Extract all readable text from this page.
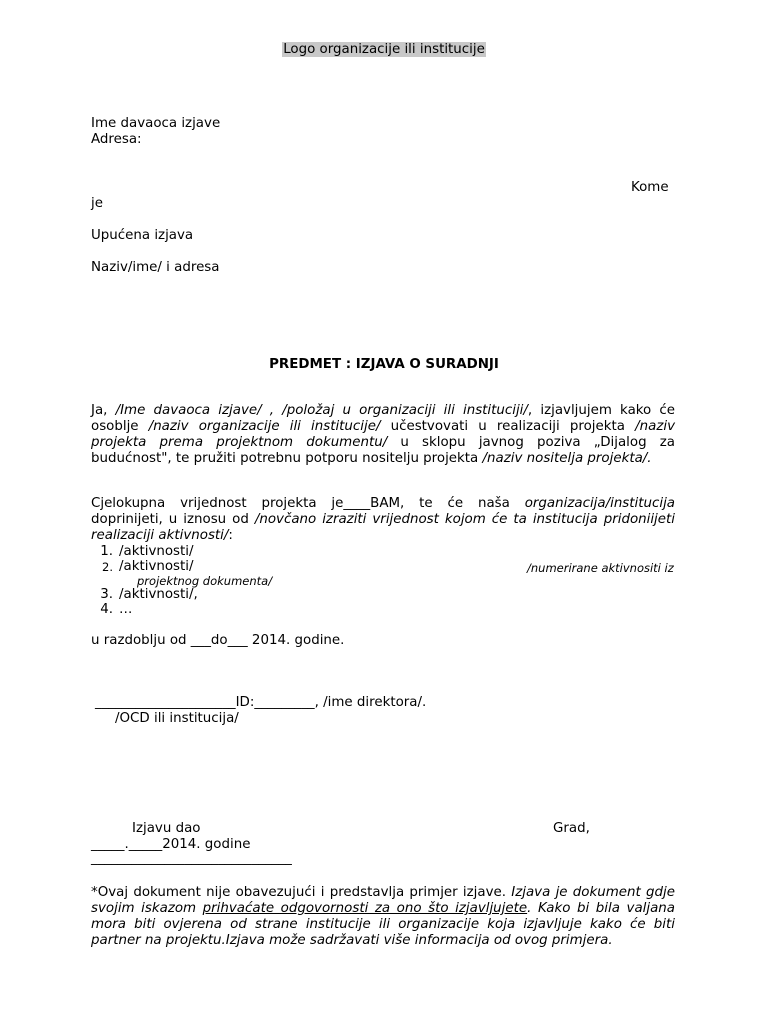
Logo organizacije ili institucije
Ime davaoca izjave
Adresa:
Kome
je
Upućena izjava
Naziv/ime/ i adresa
PREDMET : IZJAVA O SURADNJI
Ja, /Ime davaoca izjave/ , /položaj u organizaciji ili instituciji/, izjavljujem kako će osoblje /naziv organizacije ili institucije/ učestvovati u realizaciji projekta /naziv projekta prema projektnom dokumentu/ u sklopu javnog poziva „Dijalog za budućnost", te pružiti potrebnu potporu nositelju projekta /naziv nositelja projekta/.
Cjelokupna vrijednost projekta je____BAM, te će naša organizacija/institucija doprinijeti, u iznosu od /novčano izraziti vrijednost kojom će ta institucija pridoniijeti realizaciji aktivnosti/:
1. /aktivnosti/
2. /aktivnosti/	/numerirane aktivnositi iz
projektnog dokumenta/
3. /aktivnosti/,
4. …
u razdoblju od ___do___ 2014. godine.
_____________________ID:_________, /ime direktora/.
/OCD ili institucija/
Izjavu dao	Grad,
_____._____2014. godine
______________________________
*Ovaj dokument nije obavezujući i predstavlja primjer izjave. Izjava je dokument gdje svojim iskazom prihvaćate odgovornosti za ono što izjavljujete. Kako bi bila valjana mora biti ovjerena od strane institucije ili organizacije koja izjavljuje kako će biti partner na projektu.Izjava može sadržavati više informacija od ovog primjera.
